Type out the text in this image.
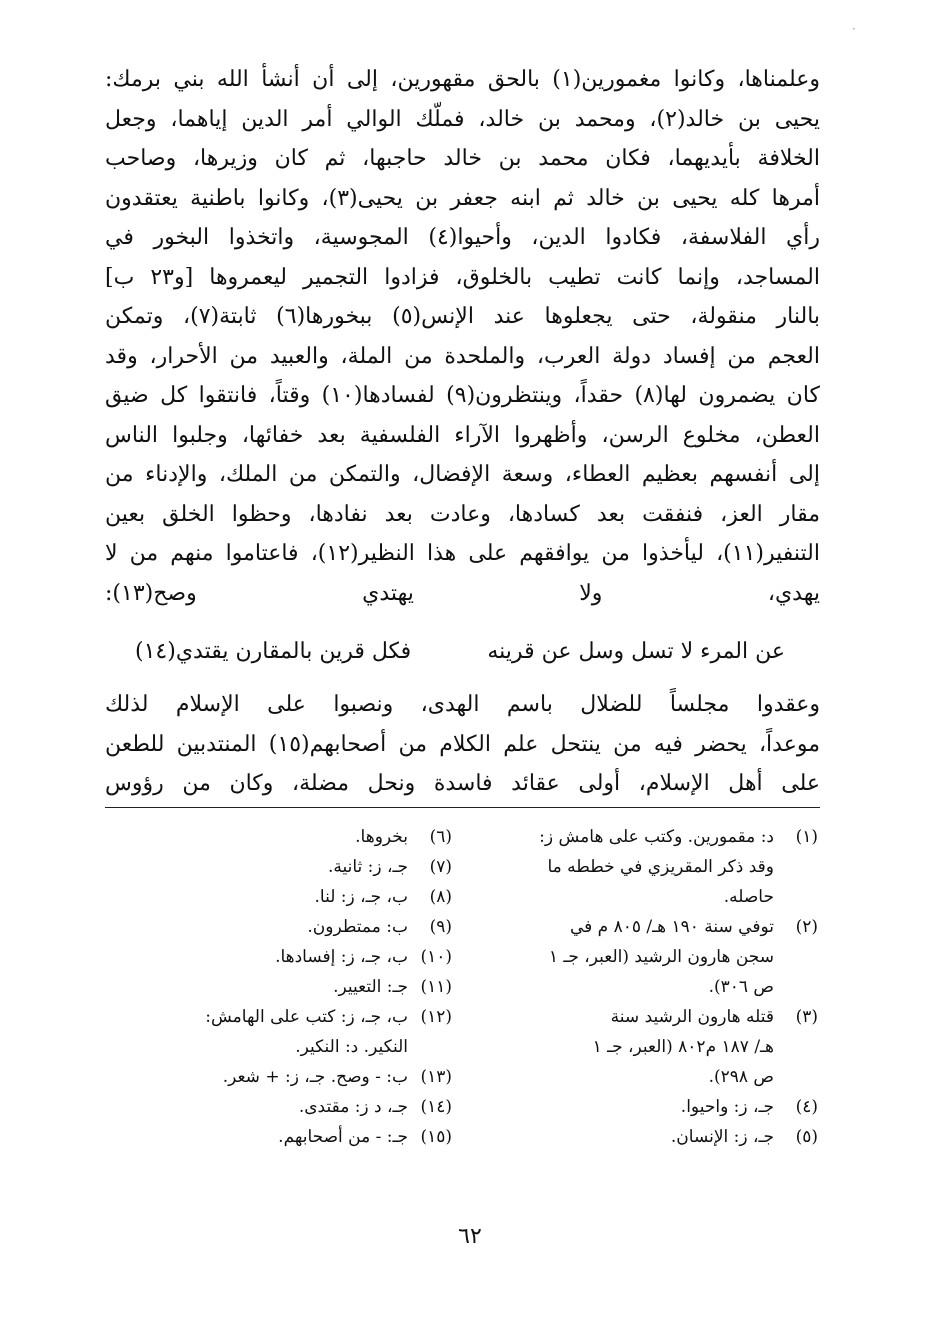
·
وعلمناها، وكانوا مغمورين(١) بالحق مقهورين، إلى أن أنشأ الله بني برمك:
يحيى بن خالد(٢)، ومحمد بن خالد، فملّك الوالي أمر الدين إياهما، وجعل
الخلافة بأيديهما، فكان محمد بن خالد حاجبها، ثم كان وزيرها، وصاحب
أمرها كله يحيى بن خالد ثم ابنه جعفر بن يحيى(٣)، وكانوا باطنية يعتقدون
رأي الفلاسفة، فكادوا الدين، وأحيوا(٤) المجوسية، واتخذوا البخور في
المساجد، وإنما كانت تطيب بالخلوق، فزادوا التجمير ليعمروها [و٢٣ ب]
بالنار منقولة، حتى يجعلوها عند الإنس(٥) ببخورها(٦) ثابتة(٧)، وتمكن
العجم من إفساد دولة العرب، والملحدة من الملة، والعبيد من الأحرار، وقد
كان يضمرون لها(٨) حقداً، وينتظرون(٩) لفسادها(١٠) وقتاً، فانتقوا كل ضيق
العطن، مخلوع الرسن، وأظهروا الآراء الفلسفية بعد خفائها، وجلبوا الناس
إلى أنفسهم بعظيم العطاء، وسعة الإفضال، والتمكن من الملك، والإدناء من
مقار العز، فنفقت بعد كسادها، وعادت بعد نفادها، وحظوا الخلق بعين
التنفير(١١)، ليأخذوا من يوافقهم على هذا النظير(١٢)، فاعتاموا منهم من لا
يهدي، ولا يهتدي وصح(١٣):
عن المرء لا تسل وسل عن قرينه
فكل قرين بالمقارن يقتدي(١٤)
وعقدوا مجلساً للضلال باسم الهدى، ونصبوا على الإسلام لذلك
موعداً، يحضر فيه من ينتحل علم الكلام من أصحابهم(١٥) المنتدبين للطعن
على أهل الإسلام، أولى عقائد فاسدة ونحل مضلة، وكان من رؤوس
(١)د: مقمورين. وكتب على هامش ز:
وقد ذكر المقريزي في خططه ما
حاصله.
(٢)توفي سنة ١٩٠ هـ/ ٨٠٥ م في
سجن هارون الرشيد (العبر، جـ ١
ص ٣٠٦).
(٣)قتله هارون الرشيد سنة
هـ/ ١٨٧ م٨٠٢ (العبر، جـ ١
ص ٢٩٨).
(٤)جـ، ز: واحيوا.
(٥)جـ، ز: الإنسان.
(٦)بخروها.
(٧)جـ، ز: ثانية.
(٨)ب، جـ، ز: لنا.
(٩)ب: ممتطرون.
(١٠)ب، جـ، ز: إفسادها.
(١١)جـ: التعيير.
(١٢)ب، جـ، ز: كتب على الهامش:
النكير. د: النكير.
(١٣)ب: - وصح. جـ، ز: + شعر.
(١٤)جـ، د ز: مقتدى.
(١٥)جـ: - من أصحابهم.
٦٢
